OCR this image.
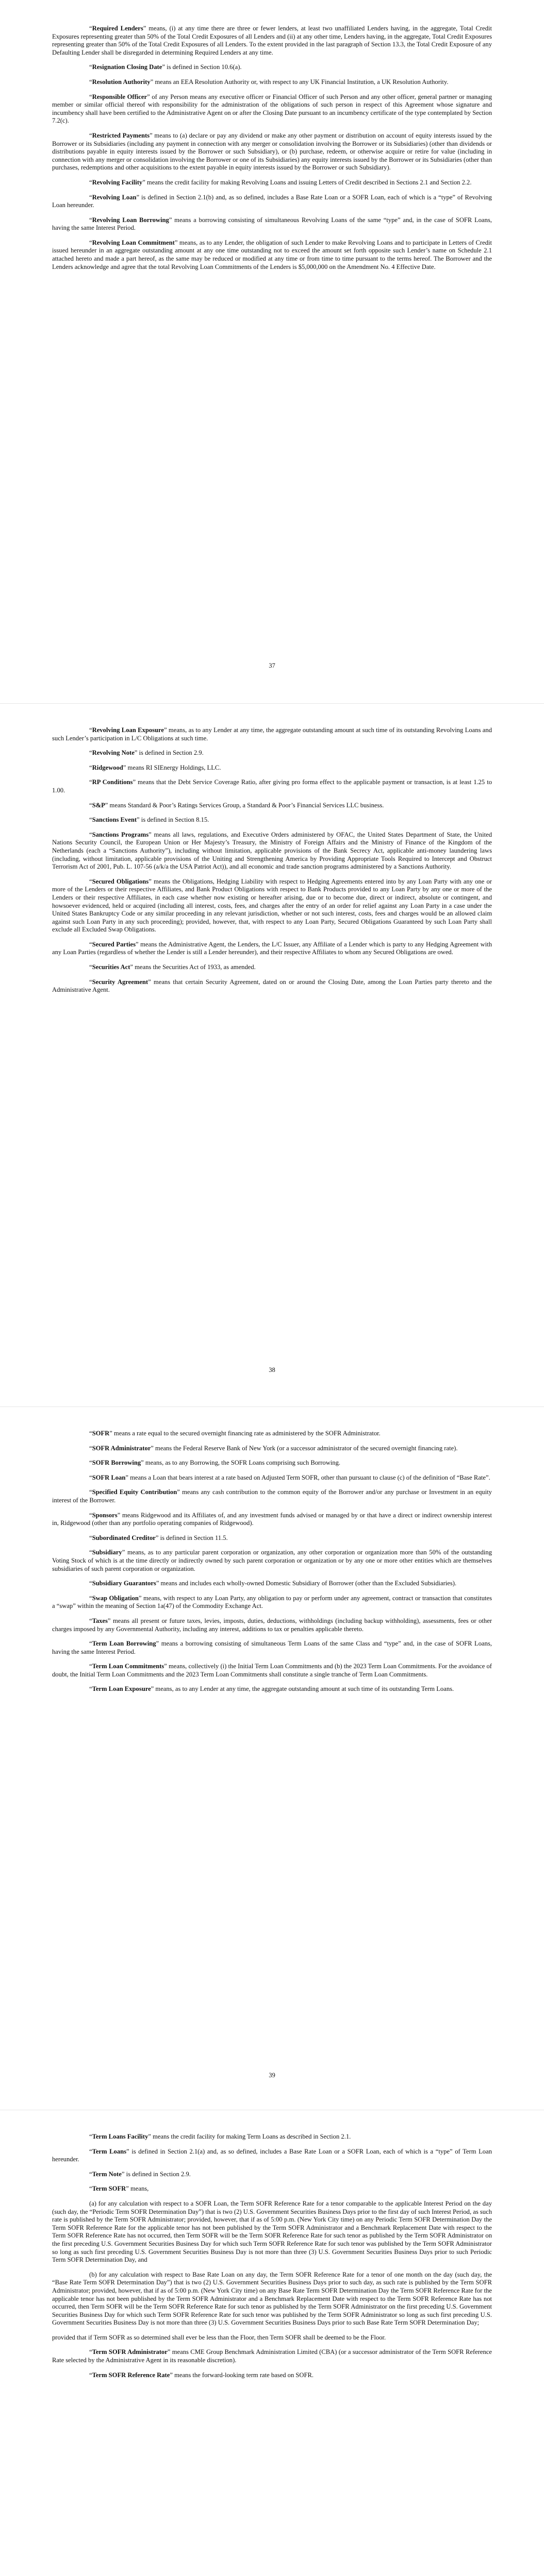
“Required Lenders” means, (i) at any time there are three or fewer lenders, at least two unaffiliated Lenders having, in the aggregate, Total Credit Exposures representing greater than 50% of the Total Credit Exposures of all Lenders and (ii) at any other time, Lenders having, in the aggregate, Total Credit Exposures representing greater than 50% of the Total Credit Exposures of all Lenders. To the extent provided in the last paragraph of Section 13.3, the Total Credit Exposure of any Defaulting Lender shall be disregarded in determining Required Lenders at any time.

“Resignation Closing Date” is defined in Section 10.6(a).

“Resolution Authority” means an EEA Resolution Authority or, with respect to any UK Financial Institution, a UK Resolution Authority.

“Responsible Officer” of any Person means any executive officer or Financial Officer of such Person and any other officer, general partner or managing member or similar official thereof with responsibility for the administration of the obligations of such person in respect of this Agreement whose signature and incumbency shall have been certified to the Administrative Agent on or after the Closing Date pursuant to an incumbency certificate of the type contemplated by Section 7.2(c).

“Restricted Payments” means to (a) declare or pay any dividend or make any other payment or distribution on account of equity interests issued by the Borrower or its Subsidiaries (including any payment in connection with any merger or consolidation involving the Borrower or its Subsidiaries) (other than dividends or distributions payable in equity interests issued by the Borrower or such Subsidiary), or (b) purchase, redeem, or otherwise acquire or retire for value (including in connection with any merger or consolidation involving the Borrower or one of its Subsidiaries) any equity interests issued by the Borrower or its Subsidiaries (other than purchases, redemptions and other acquisitions to the extent payable in equity interests issued by the Borrower or such Subsidiary).

“Revolving Facility” means the credit facility for making Revolving Loans and issuing Letters of Credit described in Sections 2.1 and Section 2.2.

“Revolving Loan” is defined in Section 2.1(b) and, as so defined, includes a Base Rate Loan or a SOFR Loan, each of which is a “type” of Revolving Loan hereunder.

“Revolving Loan Borrowing” means a borrowing consisting of simultaneous Revolving Loans of the same “type” and, in the case of SOFR Loans, having the same Interest Period.

“Revolving Loan Commitment” means, as to any Lender, the obligation of such Lender to make Revolving Loans and to participate in Letters of Credit issued hereunder in an aggregate outstanding amount at any one time outstanding not to exceed the amount set forth opposite such Lender’s name on Schedule 2.1 attached hereto and made a part hereof, as the same may be reduced or modified at any time or from time to time pursuant to the terms hereof. The Borrower and the Lenders acknowledge and agree that the total Revolving Loan Commitments of the Lenders is $5,000,000 on the Amendment No. 4 Effective Date.

37

“Revolving Loan Exposure” means, as to any Lender at any time, the aggregate outstanding amount at such time of its outstanding Revolving Loans and such Lender’s participation in L/C Obligations at such time.

“Revolving Note” is defined in Section 2.9.

“Ridgewood” means RI SIEnergy Holdings, LLC.

“RP Conditions” means that the Debt Service Coverage Ratio, after giving pro forma effect to the applicable payment or transaction, is at least 1.25 to 1.00.

“S&P” means Standard & Poor’s Ratings Services Group, a Standard & Poor’s Financial Services LLC business.

“Sanctions Event” is defined in Section 8.15.

“Sanctions Programs” means all laws, regulations, and Executive Orders administered by OFAC, the United States Department of State, the United Nations Security Council, the European Union or Her Majesty’s Treasury, the Ministry of Foreign Affairs and the Ministry of Finance of the Kingdom of the Netherlands (each a “Sanctions Authority”), including without limitation, applicable provisions of the Bank Secrecy Act, applicable anti-money laundering laws (including, without limitation, applicable provisions of the Uniting and Strengthening America by Providing Appropriate Tools Required to Intercept and Obstruct Terrorism Act of 2001, Pub. L. 107-56 (a/k/a the USA Patriot Act)), and all economic and trade sanction programs administered by a Sanctions Authority.

“Secured Obligations” means the Obligations, Hedging Liability with respect to Hedging Agreements entered into by any Loan Party with any one or more of the Lenders or their respective Affiliates, and Bank Product Obligations with respect to Bank Products provided to any Loan Party by any one or more of the Lenders or their respective Affiliates, in each case whether now existing or hereafter arising, due or to become due, direct or indirect, absolute or contingent, and howsoever evidenced, held or acquired (including all interest, costs, fees, and charges after the entry of an order for relief against any Loan Party in a case under the United States Bankruptcy Code or any similar proceeding in any relevant jurisdiction, whether or not such interest, costs, fees and charges would be an allowed claim against such Loan Party in any such proceeding); provided, however, that, with respect to any Loan Party, Secured Obligations Guaranteed by such Loan Party shall exclude all Excluded Swap Obligations.

“Secured Parties” means the Administrative Agent, the Lenders, the L/C Issuer, any Affiliate of a Lender which is party to any Hedging Agreement with any Loan Parties (regardless of whether the Lender is still a Lender hereunder), and their respective Affiliates to whom any Secured Obligations are owed.

“Securities Act” means the Securities Act of 1933, as amended.

“Security Agreement” means that certain Security Agreement, dated on or around the Closing Date, among the Loan Parties party thereto and the Administrative Agent.

38

“SOFR” means a rate equal to the secured overnight financing rate as administered by the SOFR Administrator.

“SOFR Administrator” means the Federal Reserve Bank of New York (or a successor administrator of the secured overnight financing rate).

“SOFR Borrowing” means, as to any Borrowing, the SOFR Loans comprising such Borrowing.

“SOFR Loan” means a Loan that bears interest at a rate based on Adjusted Term SOFR, other than pursuant to clause (c) of the definition of “Base Rate”.

“Specified Equity Contribution” means any cash contribution to the common equity of the Borrower and/or any purchase or Investment in an equity interest of the Borrower.

“Sponsors” means Ridgewood and its Affiliates of, and any investment funds advised or managed by or that have a direct or indirect ownership interest in, Ridgewood (other than any portfolio operating companies of Ridgewood).

“Subordinated Creditor” is defined in Section 11.5.

“Subsidiary” means, as to any particular parent corporation or organization, any other corporation or organization more than 50% of the outstanding Voting Stock of which is at the time directly or indirectly owned by such parent corporation or organization or by any one or more other entities which are themselves subsidiaries of such parent corporation or organization.

“Subsidiary Guarantors” means and includes each wholly-owned Domestic Subsidiary of Borrower (other than the Excluded Subsidiaries).

“Swap Obligation” means, with respect to any Loan Party, any obligation to pay or perform under any agreement, contract or transaction that constitutes a “swap” within the meaning of Section 1a(47) of the Commodity Exchange Act.

“Taxes” means all present or future taxes, levies, imposts, duties, deductions, withholdings (including backup withholding), assessments, fees or other charges imposed by any Governmental Authority, including any interest, additions to tax or penalties applicable thereto.

“Term Loan Borrowing” means a borrowing consisting of simultaneous Term Loans of the same Class and “type” and, in the case of SOFR Loans, having the same Interest Period.

“Term Loan Commitments” means, collectively (i) the Initial Term Loan Commitments and (b) the 2023 Term Loan Commitments. For the avoidance of doubt, the Initial Term Loan Commitments and the 2023 Term Loan Commitments shall constitute a single tranche of Term Loan Commitments.

“Term Loan Exposure” means, as to any Lender at any time, the aggregate outstanding amount at such time of its outstanding Term Loans.

39

“Term Loans Facility” means the credit facility for making Term Loans as described in Section 2.1.

“Term Loans” is defined in Section 2.1(a) and, as so defined, includes a Base Rate Loan or a SOFR Loan, each of which is a “type” of Term Loan hereunder.

“Term Note” is defined in Section 2.9.

“Term SOFR” means,

(a) for any calculation with respect to a SOFR Loan, the Term SOFR Reference Rate for a tenor comparable to the applicable Interest Period on the day (such day, the “Periodic Term SOFR Determination Day”) that is two (2) U.S. Government Securities Business Days prior to the first day of such Interest Period, as such rate is published by the Term SOFR Administrator; provided, however, that if as of 5:00 p.m. (New York City time) on any Periodic Term SOFR Determination Day the Term SOFR Reference Rate for the applicable tenor has not been published by the Term SOFR Administrator and a Benchmark Replacement Date with respect to the Term SOFR Reference Rate has not occurred, then Term SOFR will be the Term SOFR Reference Rate for such tenor as published by the Term SOFR Administrator on the first preceding U.S. Government Securities Business Day for which such Term SOFR Reference Rate for such tenor was published by the Term SOFR Administrator so long as such first preceding U.S. Government Securities Business Day is not more than three (3) U.S. Government Securities Business Days prior to such Periodic Term SOFR Determination Day, and

(b) for any calculation with respect to Base Rate Loan on any day, the Term SOFR Reference Rate for a tenor of one month on the day (such day, the “Base Rate Term SOFR Determination Day”) that is two (2) U.S. Government Securities Business Days prior to such day, as such rate is published by the Term SOFR Administrator; provided, however, that if as of 5:00 p.m. (New York City time) on any Base Rate Term SOFR Determination Day the Term SOFR Reference Rate for the applicable tenor has not been published by the Term SOFR Administrator and a Benchmark Replacement Date with respect to the Term SOFR Reference Rate has not occurred, then Term SOFR will be the Term SOFR Reference Rate for such tenor as published by the Term SOFR Administrator on the first preceding U.S. Government Securities Business Day for which such Term SOFR Reference Rate for such tenor was published by the Term SOFR Administrator so long as such first preceding U.S. Government Securities Business Day is not more than three (3) U.S. Government Securities Business Days prior to such Base Rate Term SOFR Determination Day;

provided that if Term SOFR as so determined shall ever be less than the Floor, then Term SOFR shall be deemed to be the Floor.

“Term SOFR Administrator” means CME Group Benchmark Administration Limited (CBA) (or a successor administrator of the Term SOFR Reference Rate selected by the Administrative Agent in its reasonable discretion).

“Term SOFR Reference Rate” means the forward-looking term rate based on SOFR.
